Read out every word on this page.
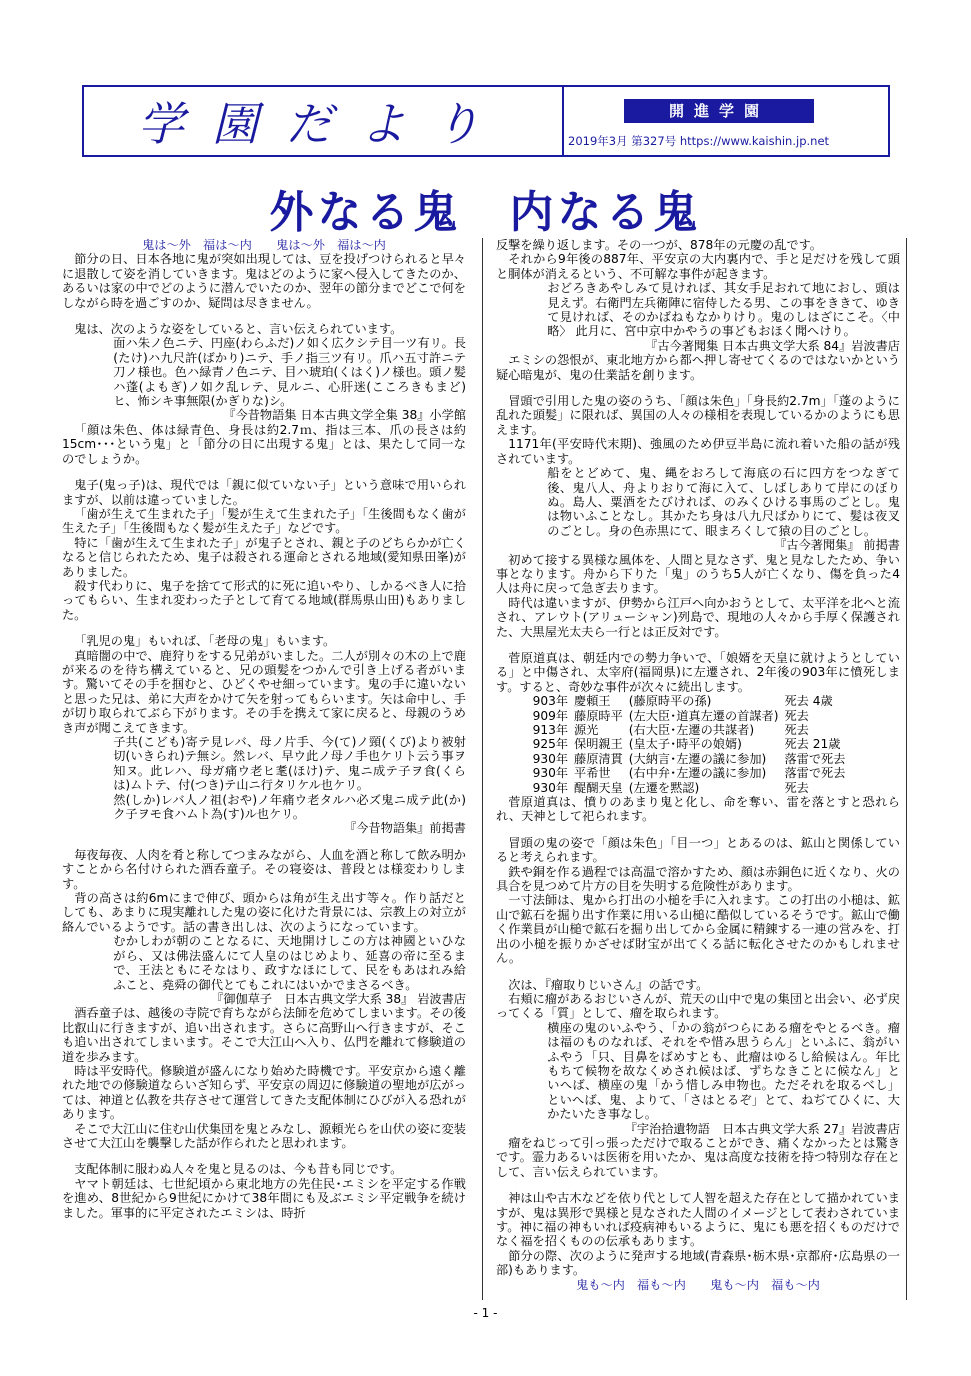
学園だより	開進学園
2019年3月 第327号 https://www.kaishin.jp.net
外なる鬼　内なる鬼

鬼は～外　福は～内　　鬼は～外　福は～内

節分の日、日本各地に鬼が突如出現しては、豆を投げつけられると早々に退散して姿を消していきます。鬼はどのように家へ侵入してきたのか、あるいは家の中でどのように潜んでいたのか、翌年の節分までどこで何をしながら時を過ごすのか、疑問は尽きません。

鬼は、次のような姿をしていると、言い伝えられています。

面ハ朱ノ色ニテ、円座(わらふだ)ノ如く広クシテ目一ツ有リ。長(たけ)ハ九尺許(ばかり)ニテ、手ノ指三ツ有リ。爪ハ五寸許ニテ刀ノ様也。色ハ緑青ノ色ニテ、目ハ琥珀(くはく)ノ様也。頭ノ髪ハ蓬(よもぎ)ノ如ク乱レテ、見ルニ、心肝迷(こころきもまど)ヒ、怖シキ事無限(かぎりな)シ。

『今昔物語集 日本古典文学全集 38』小学館

「顔は朱色、体は緑青色、身長は約2.7ｍ、指は三本、爪の長さは約15cm･･･という鬼」と「節分の日に出現する鬼」とは、果たして同一なのでしょうか。

鬼子(鬼っ子)は、現代では「親に似ていない子」という意味で用いられますが、以前は違っていました。

「歯が生えて生まれた子」「髪が生えて生まれた子」「生後間もなく歯が生えた子」「生後間もなく髪が生えた子」などです。

特に「歯が生えて生まれた子」が鬼子とされ、親と子のどちらかが亡くなると信じられたため、鬼子は殺される運命とされる地域(愛知県田峯)がありました。

殺す代わりに、鬼子を捨てて形式的に死に追いやり、しかるべき人に拾ってもらい、生まれ変わった子として育てる地域(群馬県山田)もありました。

「乳児の鬼」もいれば、「老母の鬼」もいます。

真暗闇の中で、鹿狩りをする兄弟がいました。二人が別々の木の上で鹿が来るのを待ち構えていると、兄の頭髪をつかんで引き上げる者がいます。驚いてその手を掴むと、ひどくやせ細っています。鬼の手に違いないと思った兄は、弟に大声をかけて矢を射ってもらいます。矢は命中し、手が切り取られてぶら下がります。その手を携えて家に戻ると、母親のうめき声が聞こえてきます。

子共(こども)寄テ見レバ、母ノ片手、今(て)ノ頸(くび)より被射切(いきられ)テ無シ。然レバ、早ウ此ノ母ノ手也ケリト云う事ヲ知ヌ。此レハ、母ガ痛ウ老ヒ耄(ほけ)テ、鬼ニ成テ子ヲ食(くらは)ムトテ、付(つき)テ山ニ行タリケル也ケリ。

然(しか)レバ人ノ祖(おや)ノ年痛ウ老タルハ必ズ鬼ニ成テ此(か)ク子ヲモ食ハムト為(す)ル也ケリ。

『今昔物語集』前掲書

毎夜毎夜、人肉を肴と称してつまみながら、人血を酒と称して飲み明かすことから名付けられた酒呑童子。その寝姿は、普段とは様変わりします。

背の高さは約6mにまで伸び、頭からは角が生え出す等々。作り話だとしても、あまりに現実離れした鬼の姿に化けた背景には、宗教上の対立が絡んでいるようです。話の書き出しは、次のようになっています。

むかしわが朝のことなるに、天地開けしこの方は神國といひながら、又は佛法盛んにて人皇のはじめより、延喜の帝に至るまで、王法ともにそなはり、政すなほにして、民をもあはれみ給ふこと、堯舜の御代とてもこれにはいかでまさるべき。

『御伽草子　日本古典文学大系 38』 岩波書店

酒呑童子は、越後の寺院で育ちながら法師を危めてしまいます。その後比叡山に行きますが、追い出されます。さらに高野山へ行きますが、そこも追い出されてしまいます。そこで大江山へ入り、仏門を離れて修験道の道を歩みます。

時は平安時代。修験道が盛んになり始めた時機です。平安京から遠く離れた地での修験道ならいざ知らず、平安京の周辺に修験道の聖地が広がっては、神道と仏教を共存させて運営してきた支配体制にひびが入る恐れがあります。

そこで大江山に住む山伏集団を鬼とみなし、源頼光らを山伏の姿に変装させて大江山を襲撃した話が作られたと思われます。

支配体制に服わぬ人々を鬼と見るのは、今も昔も同じです。

ヤマト朝廷は、七世紀頃から東北地方の先住民･エミシを平定する作戦を進め、8世紀から9世紀にかけて38年間にも及ぶエミシ平定戦争を続けました。軍事的に平定されたエミシは、時折

反撃を繰り返します。その一つが、878年の元慶の乱です。

それから9年後の887年、平安京の大内裏内で、手と足だけを残して頭と胴体が消えるという、不可解な事件が起きます。

おどろきあやしみて見ければ、其女手足おれて地におし、頭は見えず。右衛門左兵衛陣に宿侍したる男、この事をききて、ゆきて見ければ、そのかばねもなかりけり。鬼のしはざにこそ。〈中略〉 此月に、宮中京中かやうの事どもおほく聞へけり。

『古今著聞集 日本古典文学大系 84』岩波書店

エミシの怨恨が、東北地方から都へ押し寄せてくるのではないかという疑心暗鬼が、鬼の仕業話を創ります。

冒頭で引用した鬼の姿のうち、「顔は朱色」「身長約2.7m」「蓬のように乱れた頭髪」に限れば、異国の人々の様相を表現しているかのようにも思えます。

1171年(平安時代末期)、強風のため伊豆半島に流れ着いた船の話が残されています。

船をとどめて、鬼、縄をおろして海底の石に四方をつなぎて後、鬼八人、舟よりおりて海に入て、しばしありて岸にのぼりぬ。島人、粟酒をたびければ、のみくひける事馬のごとし。鬼は物いふことなし。其かたち身は八九尺ばかりにて、髪は夜叉のごとし。身の色赤黒にて、眼まろくして猿の目のごとし。

『古今著聞集』 前掲書

初めて接する異様な風体を、人間と見なさず、鬼と見なしたため、争い事となります。舟から下りた「鬼」のうち5人が亡くなり、傷を負った4人は舟に戻って急ぎ去ります。

時代は違いますが、伊勢から江戸へ向かおうとして、太平洋を北へと流され、アレウト(アリューシャン)列島で、現地の人々から手厚く保護された、大黒屋光太夫ら一行とは正反対です。

菅原道真は、朝廷内での勢力争いで、「娘婿を天皇に就けようとしている」と中傷され、太宰府(福岡県)に左遷され、2年後の903年に憤死します。すると、奇妙な事件が次々に続出します。

903年	慶頼王	(藤原時平の孫)	死去 4歳
909年	藤原時平	(左大臣･道真左遷の首謀者)	死去
913年	源光	(右大臣･左遷の共謀者)	死去
925年	保明親王	(皇太子･時平の娘婿)	死去 21歳
930年	藤原清貫	(大納言･左遷の議に参加)	落雷で死去
930年	平希世	(右中弁･左遷の議に参加)	落雷で死去
930年	醍醐天皇	(左遷を黙認)	死去

菅原道真は、憤りのあまり鬼と化し、命を奪い、雷を落とすと恐れられ、天神として祀られます。

冒頭の鬼の姿で「顔は朱色」「目一つ」とあるのは、鉱山と関係していると考えられます。

鉄や銅を作る過程では高温で溶かすため、顔は赤銅色に近くなり、火の具合を見つめて片方の目を失明する危険性があります。

一寸法師は、鬼から打出の小槌を手に入れます。この打出の小槌は、鉱山で鉱石を掘り出す作業に用いる山槌に酷似しているそうです。鉱山で働く作業員が山槌で鉱石を掘り出してから金属に精錬する一連の営みを、打出の小槌を振りかざせば財宝が出てくる話に転化させたのかもしれません。

次は、『瘤取りじいさん』の話です。

右頬に瘤があるおじいさんが、荒天の山中で鬼の集団と出会い、必ず戻ってくる「質」として、瘤を取られます。

横座の鬼のいふやう、「かの翁がつらにある瘤をやとるべき。瘤は福のものなれば、それをや惜み思うらん」といふに、翁がいふやう「只、目鼻をばめすとも、此瘤はゆるし給候はん。年比もちて候物を故なくめされ候はば、ずちなきことに候なん」といへば、横座の鬼「かう惜しみ申物也。ただそれを取るべし」といへば、鬼、よりて、「さはとるぞ」とて、ねぢてひくに、大かたいたき事なし。

『宇治拾遺物語　日本古典文学大系 27』岩波書店

瘤をねじって引っ張っただけで取ることができ、痛くなかったとは驚きです。霊力あるいは医術を用いたか、鬼は高度な技術を持つ特別な存在として、言い伝えられています。

神は山や古木などを依り代として人智を超えた存在として描かれていますが、鬼は異形で異様と見なされた人間のイメージとして表わされています。神に福の神もいれば疫病神もいるように、鬼にも悪を招くものだけでなく福を招くものの伝承もあります。

節分の際、次のように発声する地域(青森県･栃木県･京都府･広島県の一部)もあります。

鬼も～内　福も～内　　鬼も～内　福も～内

- 1 -
